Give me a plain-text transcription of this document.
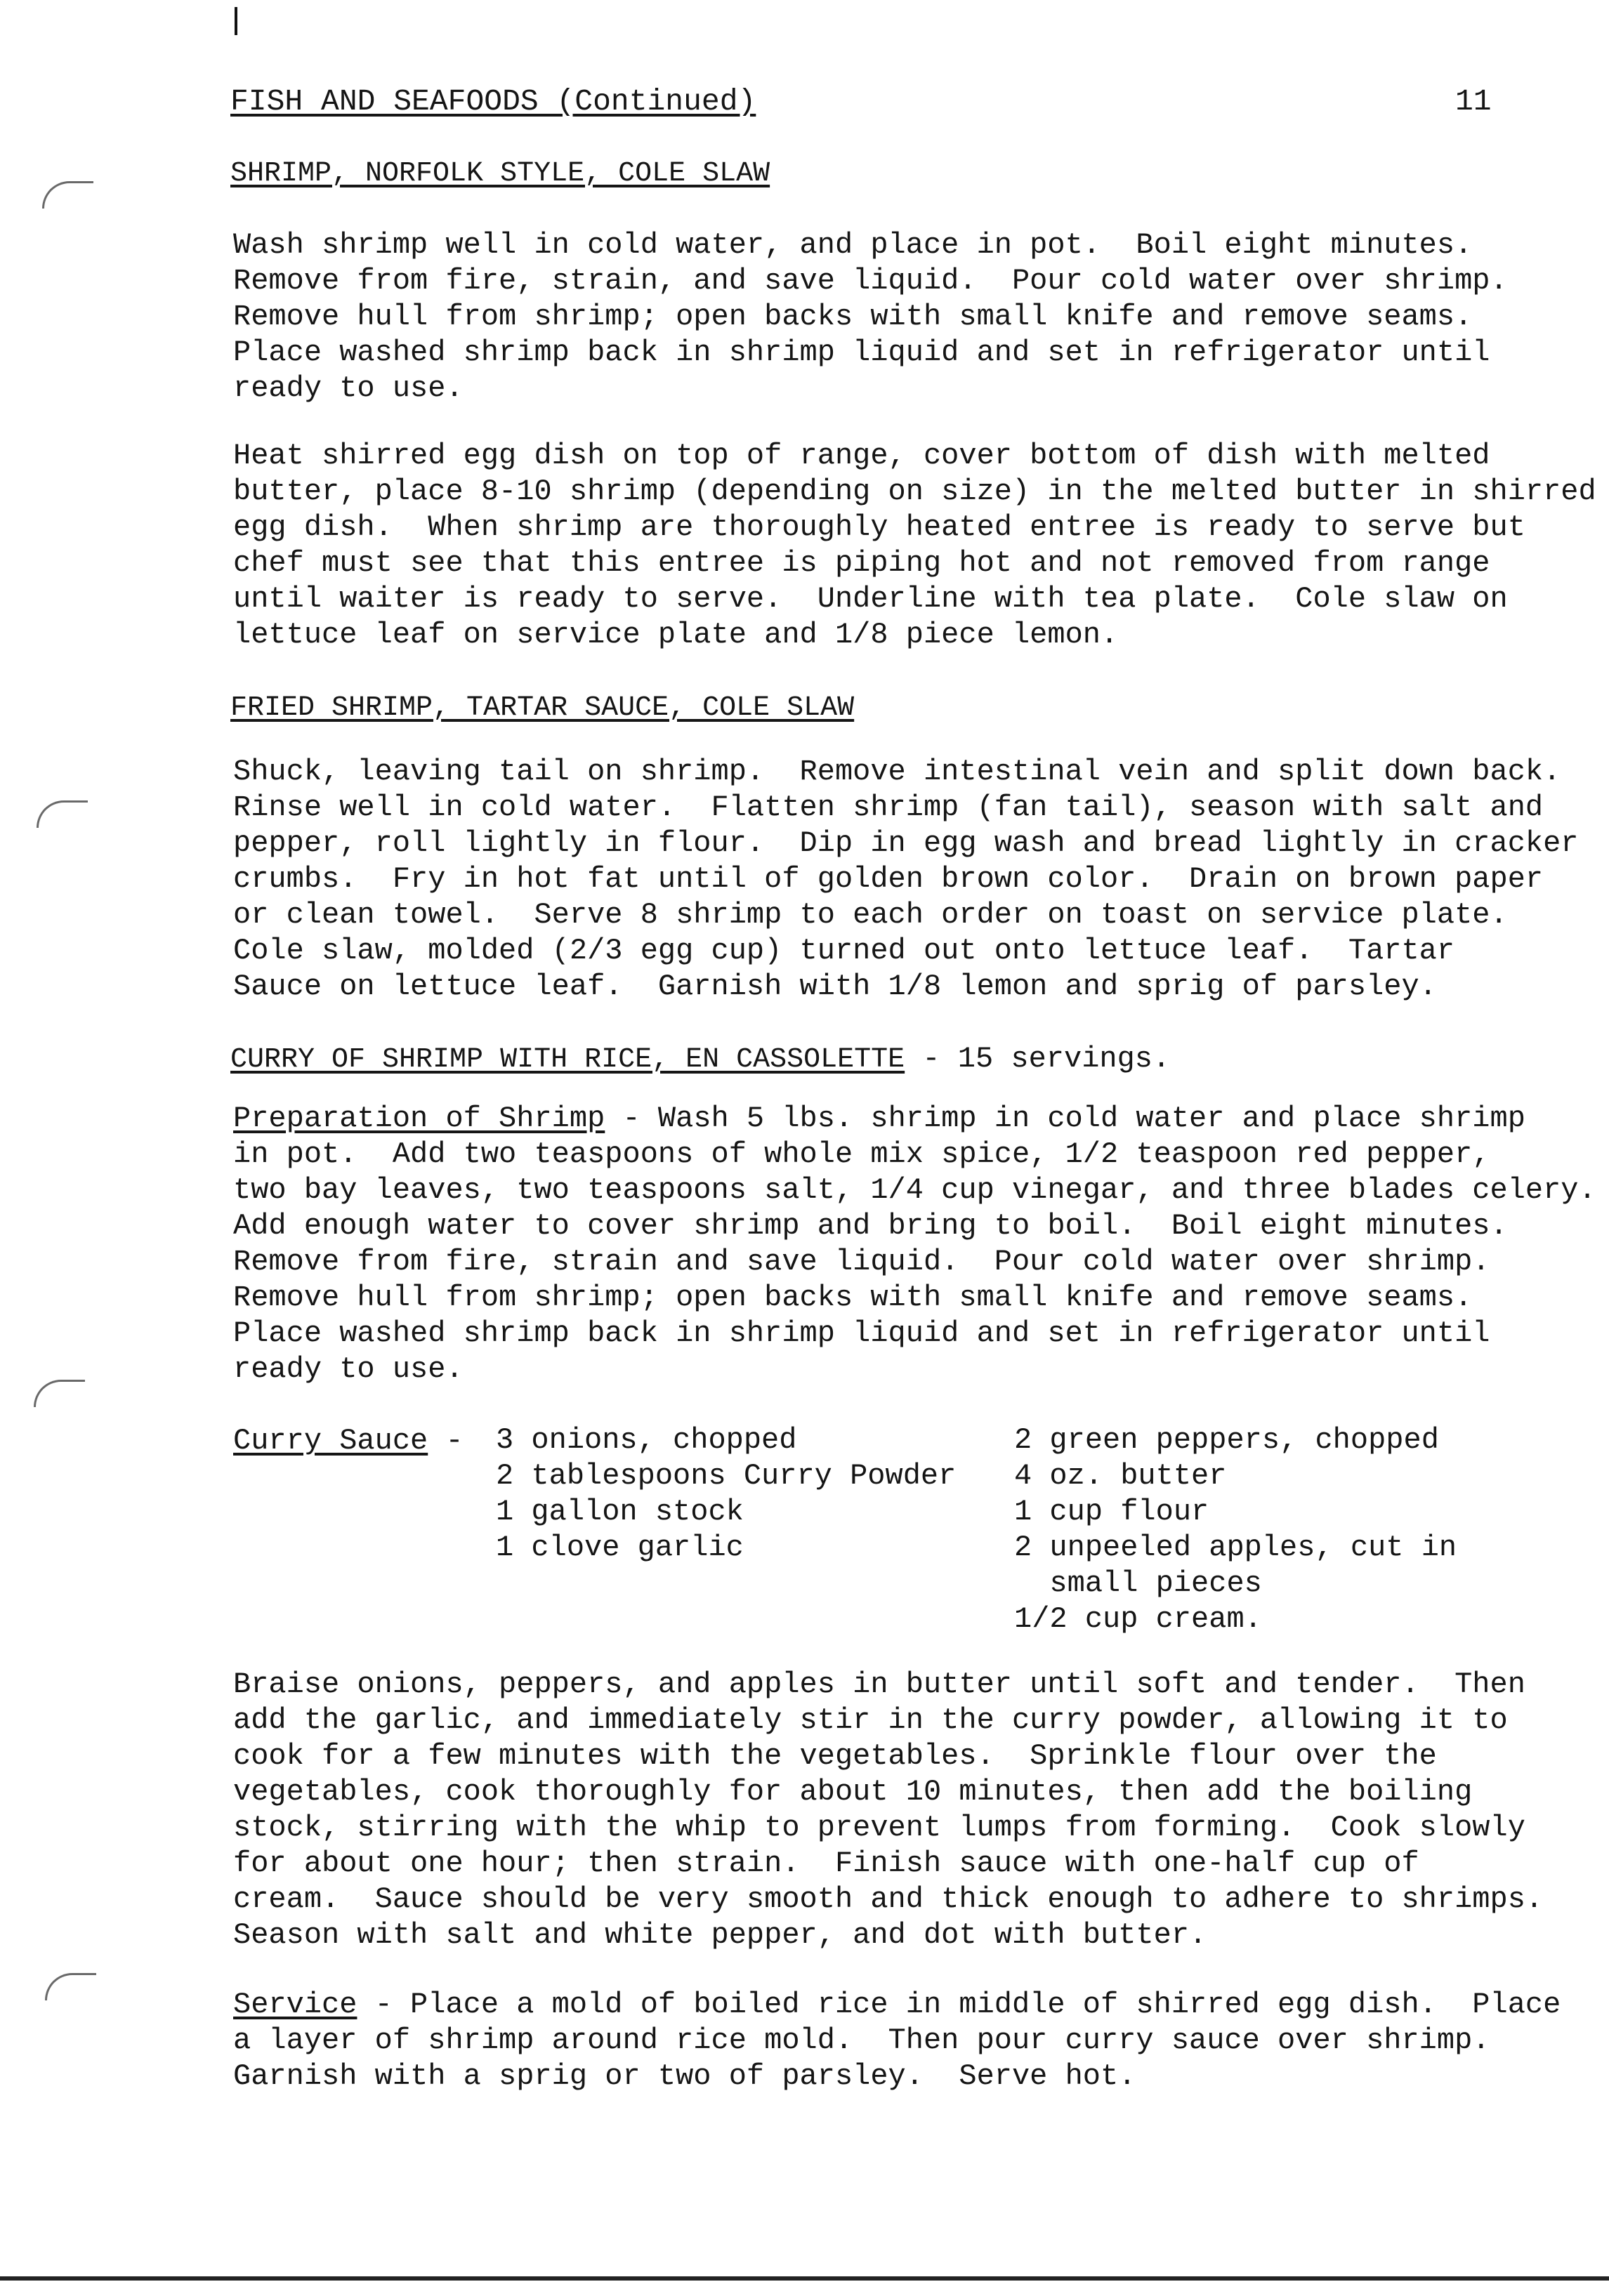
FISH AND SEAFOODS (Continued)	11
SHRIMP, NORFOLK STYLE, COLE SLAW
Wash shrimp well in cold water, and place in pot.  Boil eight minutes.
Remove from fire, strain, and save liquid.  Pour cold water over shrimp.
Remove hull from shrimp; open backs with small knife and remove seams.
Place washed shrimp back in shrimp liquid and set in refrigerator until
ready to use.
Heat shirred egg dish on top of range, cover bottom of dish with melted
butter, place 8-10 shrimp (depending on size) in the melted butter in shirred
egg dish.  When shrimp are thoroughly heated entree is ready to serve but
chef must see that this entree is piping hot and not removed from range
until waiter is ready to serve.  Underline with tea plate.  Cole slaw on
lettuce leaf on service plate and 1/8 piece lemon.
FRIED SHRIMP, TARTAR SAUCE, COLE SLAW
Shuck, leaving tail on shrimp.  Remove intestinal vein and split down back.
Rinse well in cold water.  Flatten shrimp (fan tail), season with salt and
pepper, roll lightly in flour.  Dip in egg wash and bread lightly in cracker
crumbs.  Fry in hot fat until of golden brown color.  Drain on brown paper
or clean towel.  Serve 8 shrimp to each order on toast on service plate.
Cole slaw, molded (2/3 egg cup) turned out onto lettuce leaf.  Tartar
Sauce on lettuce leaf.  Garnish with 1/8 lemon and sprig of parsley.
CURRY OF SHRIMP WITH RICE, EN CASSOLETTE - 15 servings.
Preparation of Shrimp - Wash 5 lbs. shrimp in cold water and place shrimp
in pot.  Add two teaspoons of whole mix spice, 1/2 teaspoon red pepper,
two bay leaves, two teaspoons salt, 1/4 cup vinegar, and three blades celery.
Add enough water to cover shrimp and bring to boil.  Boil eight minutes.
Remove from fire, strain and save liquid.  Pour cold water over shrimp.
Remove hull from shrimp; open backs with small knife and remove seams.
Place washed shrimp back in shrimp liquid and set in refrigerator until
ready to use.
Curry Sauce - 3 onions, chopped
2 tablespoons Curry Powder
1 gallon stock
1 clove garlic
2 green peppers, chopped
4 oz. butter
1 cup flour
2 unpeeled apples, cut in
small pieces
1/2 cup cream.
Braise onions, peppers, and apples in butter until soft and tender.  Then
add the garlic, and immediately stir in the curry powder, allowing it to
cook for a few minutes with the vegetables.  Sprinkle flour over the
vegetables, cook thoroughly for about 10 minutes, then add the boiling
stock, stirring with the whip to prevent lumps from forming.  Cook slowly
for about one hour; then strain.  Finish sauce with one-half cup of
cream.  Sauce should be very smooth and thick enough to adhere to shrimps.
Season with salt and white pepper, and dot with butter.
Service - Place a mold of boiled rice in middle of shirred egg dish.  Place
a layer of shrimp around rice mold.  Then pour curry sauce over shrimp.
Garnish with a sprig or two of parsley.  Serve hot.
